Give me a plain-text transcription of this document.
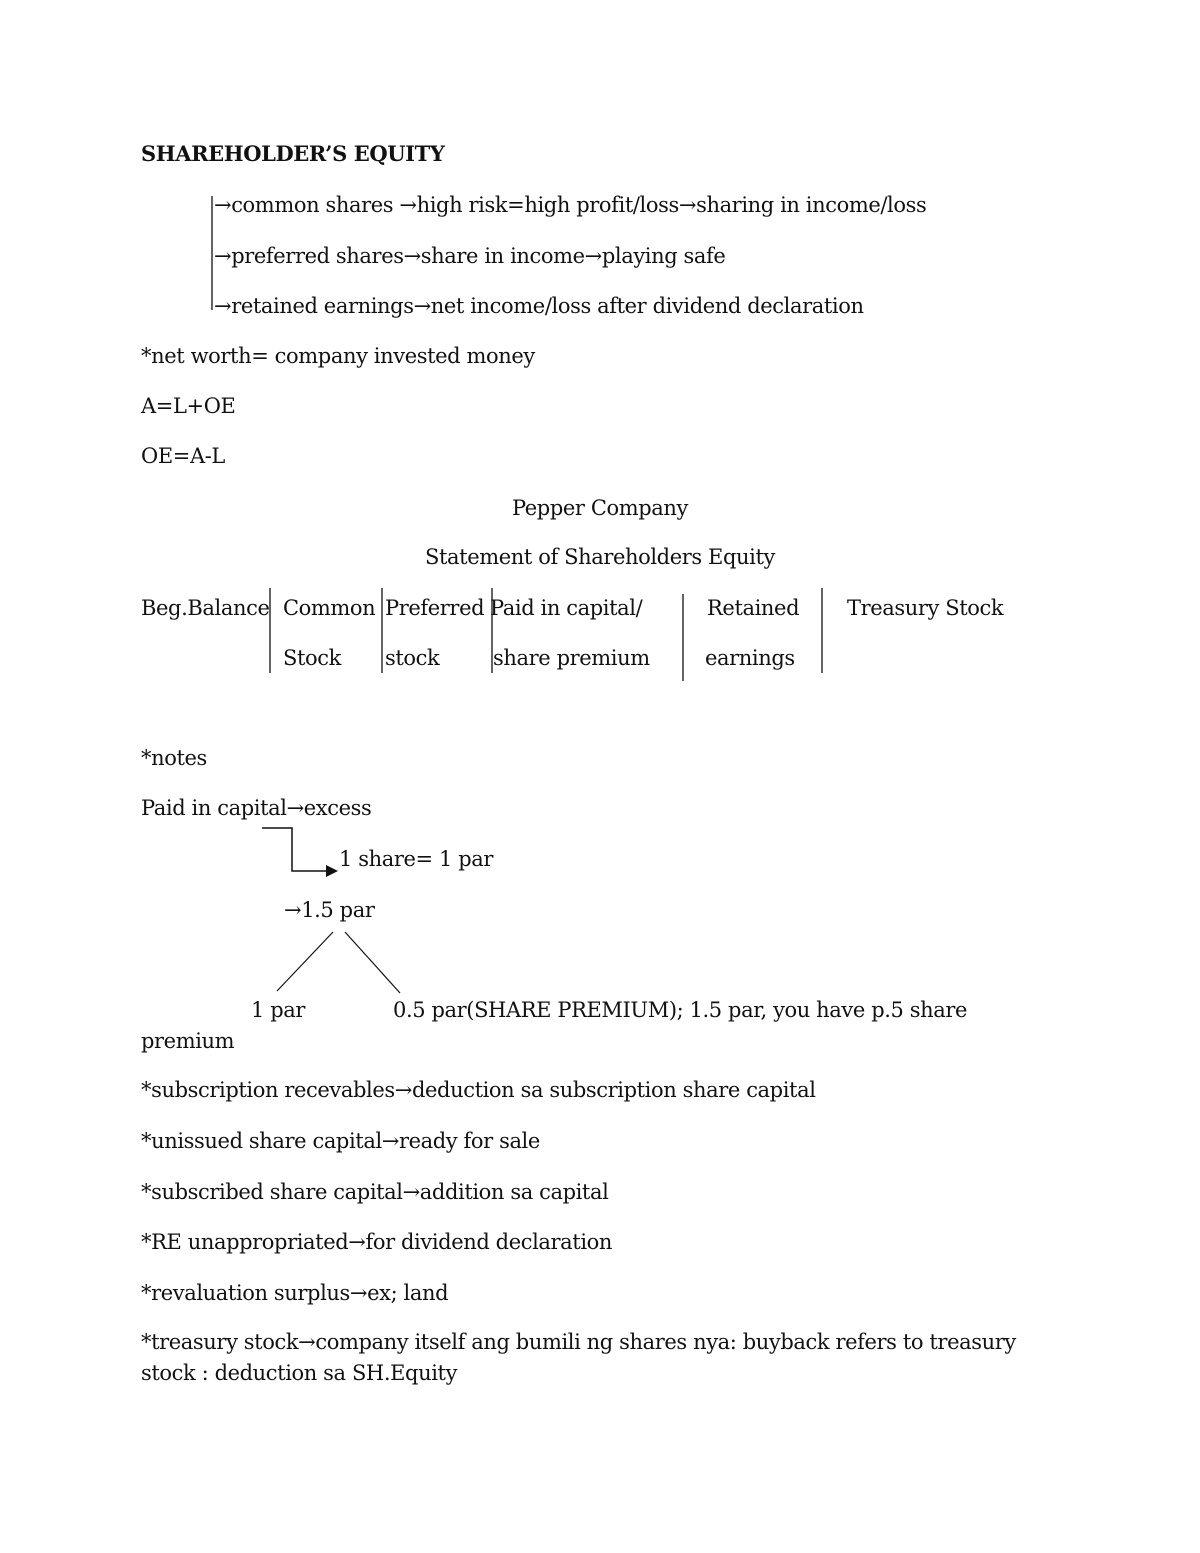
SHAREHOLDER’S EQUITY
→common shares →high risk=high profit/loss→sharing in income/loss
→preferred shares→share in income→playing safe
→retained earnings→net income/loss after dividend declaration
*net worth= company invested money
A=L+OE
OE=A-L
Pepper Company
Statement of Shareholders Equity
Beg.Balance Common
Stock
Preferred
stock
Paid in capital/
share premium
Retained
earnings
Treasury Stock
*notes
Paid in capital→excess
1 share= 1 par
→1.5 par
1 par	0.5 par(SHARE PREMIUM); 1.5 par, you have p.5 share
premium
*subscription recevables→deduction sa subscription share capital
*unissued share capital→ready for sale
*subscribed share capital→addition sa capital
*RE unappropriated→for dividend declaration
*revaluation surplus→ex; land
*treasury stock→company itself ang bumili ng shares nya: buyback refers to treasury
stock : deduction sa SH.Equity
